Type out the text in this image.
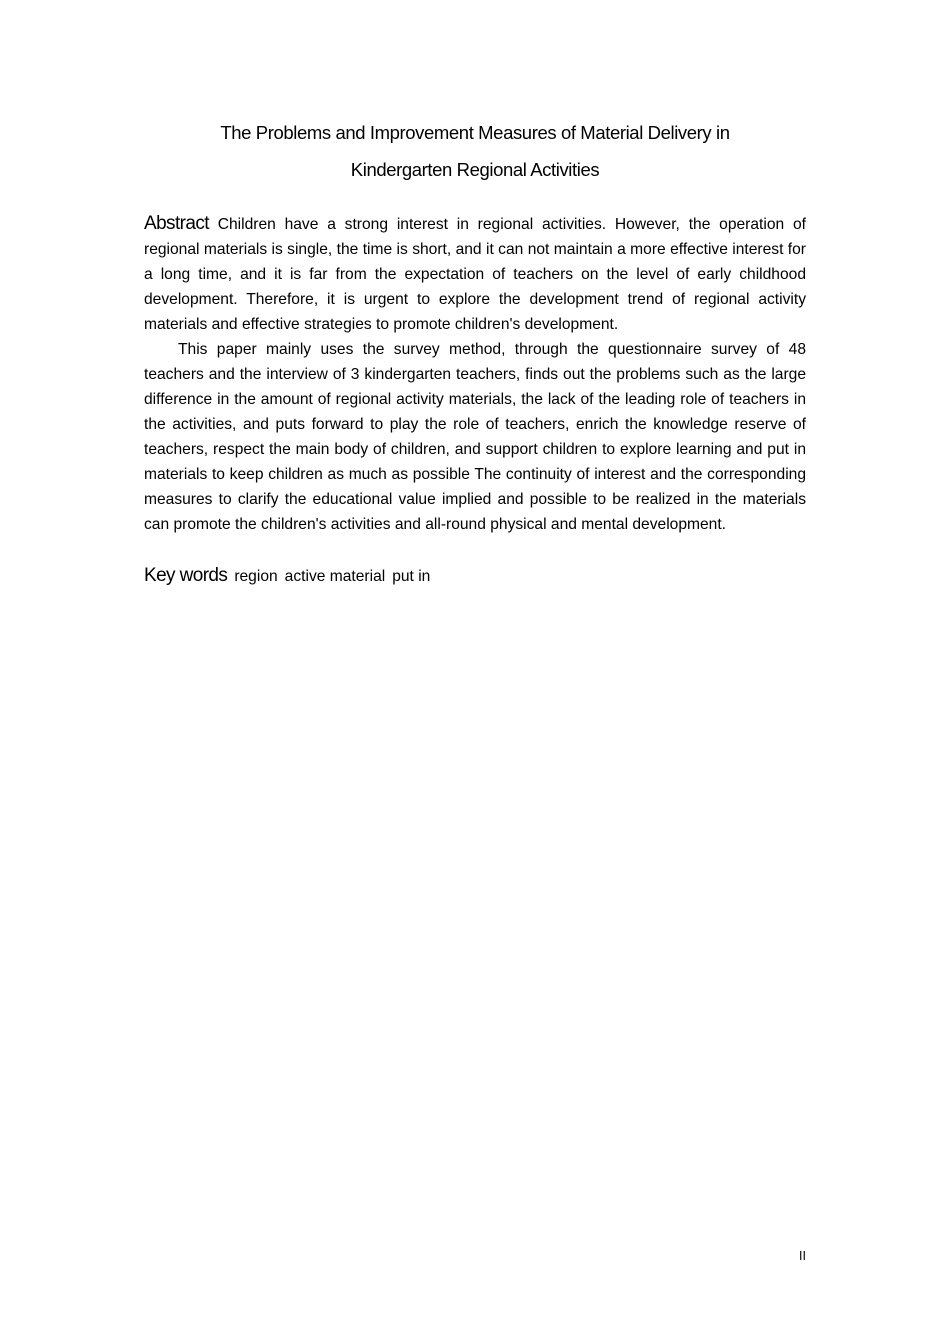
The Problems and Improvement Measures of Material Delivery in
Kindergarten Regional Activities

Abstract Children have a strong interest in regional activities. However, the operation of regional materials is single, the time is short, and it can not maintain a more effective interest for a long time, and it is far from the expectation of teachers on the level of early childhood development. Therefore, it is urgent to explore the development trend of regional activity materials and effective strategies to promote children's development.

This paper mainly uses the survey method, through the questionnaire survey of 48 teachers and the interview of 3 kindergarten teachers, finds out the problems such as the large difference in the amount of regional activity materials, the lack of the leading role of teachers in the activities, and puts forward to play the role of teachers, enrich the knowledge reserve of teachers, respect the main body of children, and support children to explore learning and put in materials to keep children as much as possible The continuity of interest and the corresponding measures to clarify the educational value implied and possible to be realized in the materials can promote the children's activities and all-round physical and mental development.

Key words region active material put in

II
